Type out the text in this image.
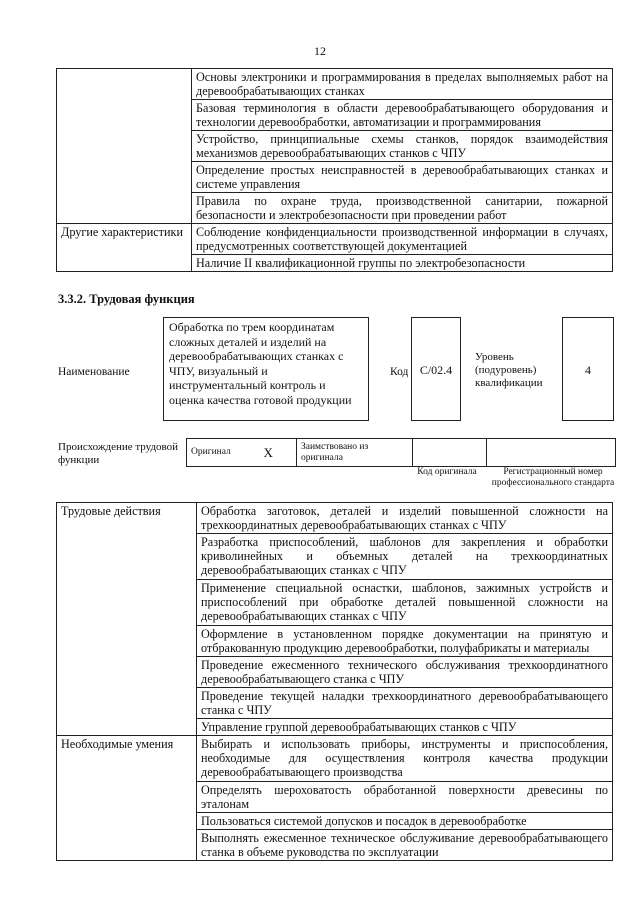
12
	Основы электроники и программирования в пределах выполняемых работ на деревообрабатывающих станках
	Базовая терминология в области деревообрабатывающего оборудования и технологии деревообработки, автоматизации и программирования
	Устройство, принципиальные схемы станков, порядок взаимодействия механизмов деревообрабатывающих станков с ЧПУ
	Определение простых неисправностей в деревообрабатывающих станках и системе управления
	Правила по охране труда, производственной санитарии, пожарной безопасности и электробезопасности при проведении работ
Другие характеристики	Соблюдение конфиденциальности производственной информации в случаях, предусмотренных соответствующей документацией
	Наличие II квалификационной группы по электробезопасности
3.3.2. Трудовая функция
Наименование
Обработка по трем координатам сложных деталей и изделий на деревообрабатывающих станках с ЧПУ, визуальный и инструментальный контроль и оценка качества готовой продукции
Код C/02.4
Уровень (подуровень) квалификации
4
Происхождение трудовой функции
Оригинал	X	Заимствовано из оригинала		
Код оригинала	Регистрационный номер профессионального стандарта
Трудовые действия	Обработка заготовок, деталей и изделий повышенной сложности на трехкоординатных деревообрабатывающих станках с ЧПУ
	Разработка приспособлений, шаблонов для закрепления и обработки криволинейных и объемных деталей на трехкоординатных деревообрабатывающих станках с ЧПУ
	Применение специальной оснастки, шаблонов, зажимных устройств и приспособлений при обработке деталей повышенной сложности на деревообрабатывающих станках с ЧПУ
	Оформление в установленном порядке документации на принятую и отбракованную продукцию деревообработки, полуфабрикаты и материалы
	Проведение ежесменного технического обслуживания трехкоординатного деревообрабатывающего станка с ЧПУ
	Проведение текущей наладки трехкоординатного деревообрабатывающего станка с ЧПУ
	Управление группой деревообрабатывающих станков с ЧПУ
Необходимые умения	Выбирать и использовать приборы, инструменты и приспособления, необходимые для осуществления контроля качества продукции деревообрабатывающего производства
	Определять шероховатость обработанной поверхности древесины по эталонам
	Пользоваться системой допусков и посадок в деревообработке
	Выполнять ежесменное техническое обслуживание деревообрабатывающего станка в объеме руководства по эксплуатации
